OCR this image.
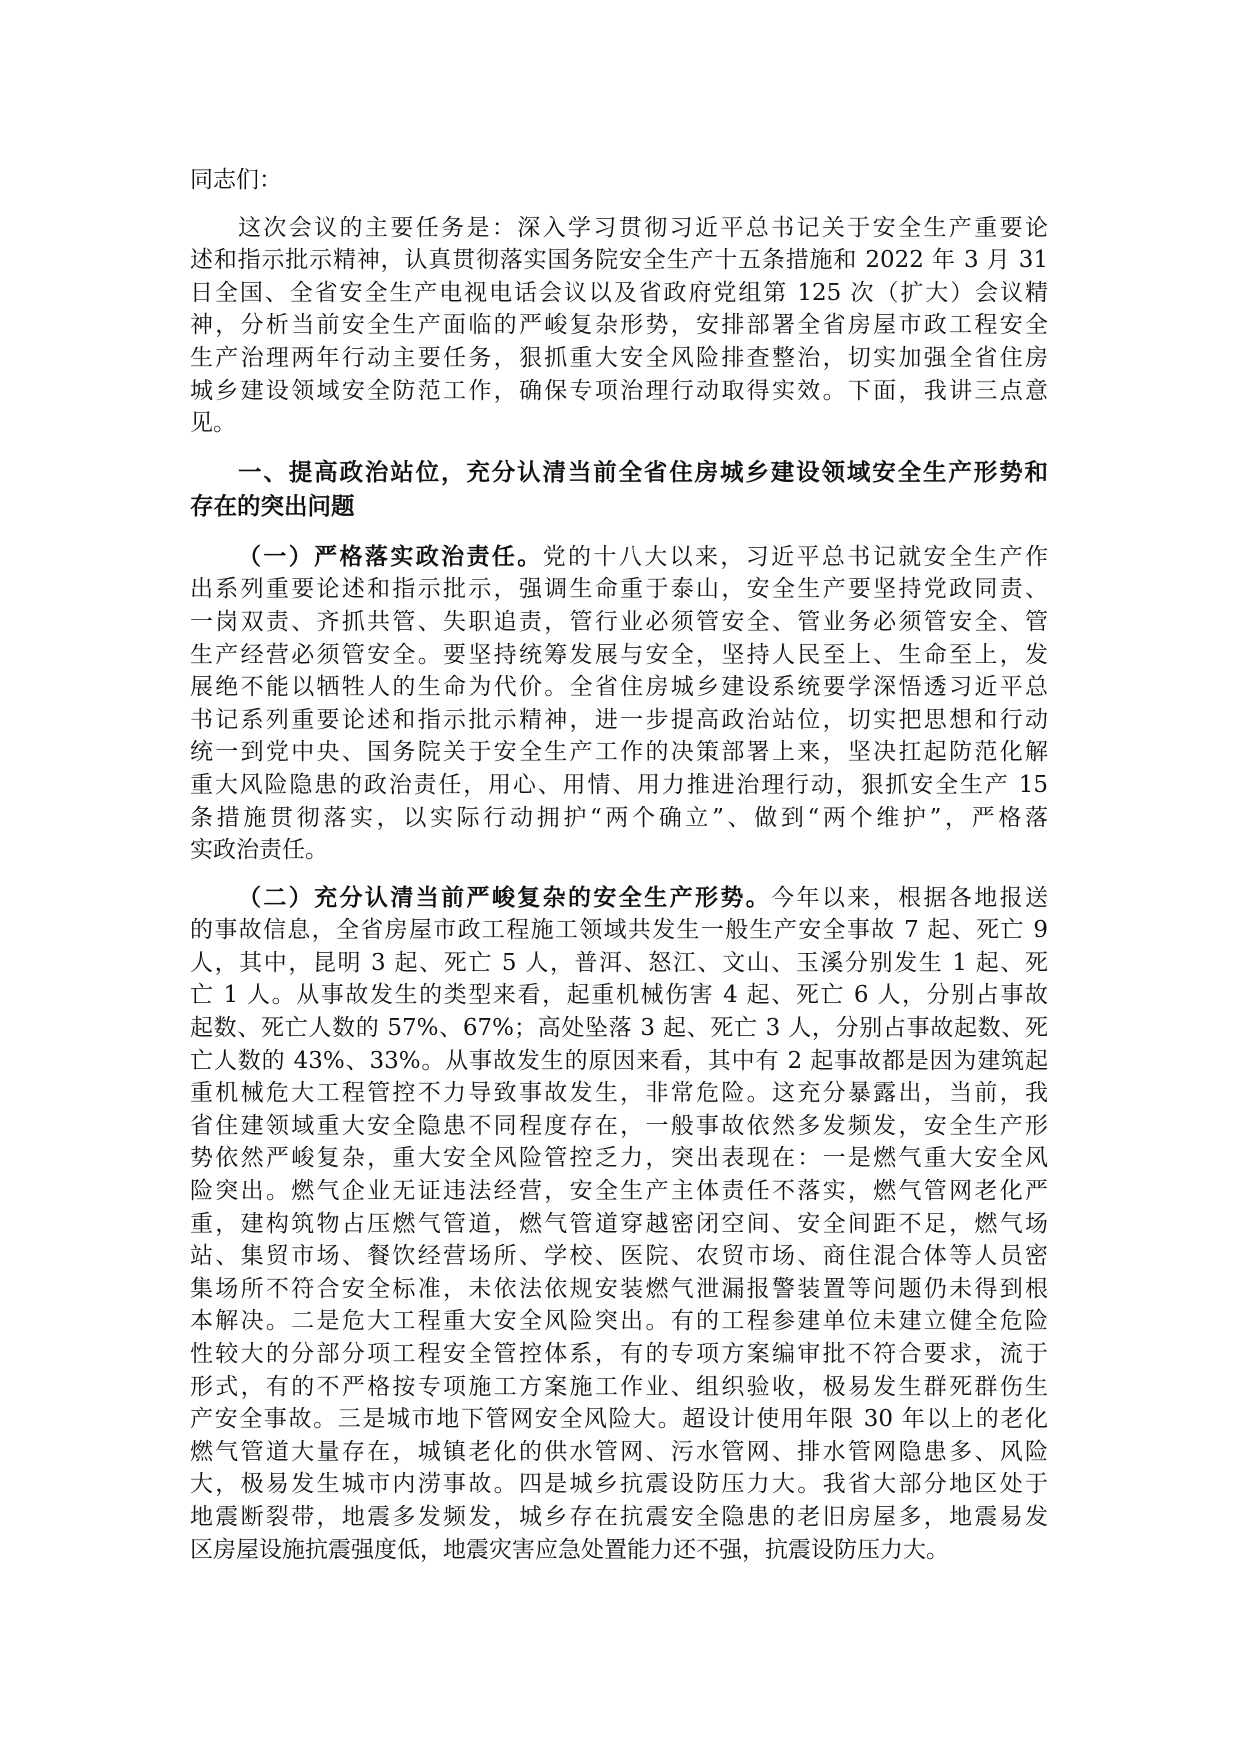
同志们：
这次会议的主要任务是：深入学习贯彻习近平总书记关于安全生产重要论
述和指示批示精神，认真贯彻落实国务院安全生产十五条措施和 2022 年 3 月 31
日全国、全省安全生产电视电话会议以及省政府党组第 125 次（扩大）会议精
神，分析当前安全生产面临的严峻复杂形势，安排部署全省房屋市政工程安全
生产治理两年行动主要任务，狠抓重大安全风险排查整治，切实加强全省住房
城乡建设领域安全防范工作，确保专项治理行动取得实效。下面，我讲三点意
见。
一、提高政治站位，充分认清当前全省住房城乡建设领域安全生产形势和
存在的突出问题
（一）严格落实政治责任。党的十八大以来，习近平总书记就安全生产作
出系列重要论述和指示批示，强调生命重于泰山，安全生产要坚持党政同责、
一岗双责、齐抓共管、失职追责，管行业必须管安全、管业务必须管安全、管
生产经营必须管安全。要坚持统筹发展与安全，坚持人民至上、生命至上，发
展绝不能以牺牲人的生命为代价。全省住房城乡建设系统要学深悟透习近平总
书记系列重要论述和指示批示精神，进一步提高政治站位，切实把思想和行动
统一到党中央、国务院关于安全生产工作的决策部署上来，坚决扛起防范化解
重大风险隐患的政治责任，用心、用情、用力推进治理行动，狠抓安全生产 15
条措施贯彻落实，以实际行动拥护“两个确立”、做到“两个维护”，严格落
实政治责任。
（二）充分认清当前严峻复杂的安全生产形势。今年以来，根据各地报送
的事故信息，全省房屋市政工程施工领域共发生一般生产安全事故 7 起、死亡 9
人，其中，昆明 3 起、死亡 5 人，普洱、怒江、文山、玉溪分别发生 1 起、死
亡 1 人。从事故发生的类型来看，起重机械伤害 4 起、死亡 6 人，分别占事故
起数、死亡人数的 57%、67%；高处坠落 3 起、死亡 3 人，分别占事故起数、死
亡人数的 43%、33%。从事故发生的原因来看，其中有 2 起事故都是因为建筑起
重机械危大工程管控不力导致事故发生，非常危险。这充分暴露出，当前，我
省住建领域重大安全隐患不同程度存在，一般事故依然多发频发，安全生产形
势依然严峻复杂，重大安全风险管控乏力，突出表现在：一是燃气重大安全风
险突出。燃气企业无证违法经营，安全生产主体责任不落实，燃气管网老化严
重，建构筑物占压燃气管道，燃气管道穿越密闭空间、安全间距不足，燃气场
站、集贸市场、餐饮经营场所、学校、医院、农贸市场、商住混合体等人员密
集场所不符合安全标准，未依法依规安装燃气泄漏报警装置等问题仍未得到根
本解决。二是危大工程重大安全风险突出。有的工程参建单位未建立健全危险
性较大的分部分项工程安全管控体系，有的专项方案编审批不符合要求，流于
形式，有的不严格按专项施工方案施工作业、组织验收，极易发生群死群伤生
产安全事故。三是城市地下管网安全风险大。超设计使用年限 30 年以上的老化
燃气管道大量存在，城镇老化的供水管网、污水管网、排水管网隐患多、风险
大，极易发生城市内涝事故。四是城乡抗震设防压力大。我省大部分地区处于
地震断裂带，地震多发频发，城乡存在抗震安全隐患的老旧房屋多，地震易发
区房屋设施抗震强度低，地震灾害应急处置能力还不强，抗震设防压力大。
